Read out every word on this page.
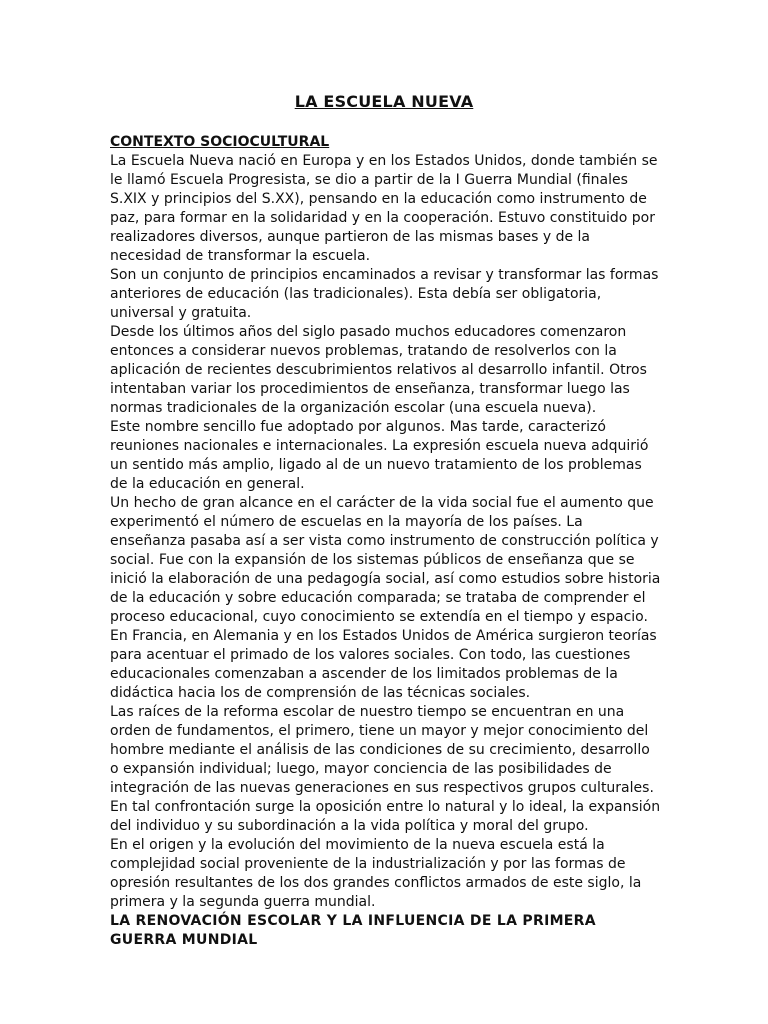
LA ESCUELA NUEVA

CONTEXTO SOCIOCULTURAL

La Escuela Nueva nació en Europa y en los Estados Unidos, donde también se le llamó Escuela Progresista, se dio a partir de la I Guerra Mundial (finales S.XIX y principios del S.XX), pensando en la educación como instrumento de paz, para formar en la solidaridad y en la cooperación. Estuvo constituido por realizadores diversos, aunque partieron de las mismas bases y de la necesidad de transformar la escuela.

Son un conjunto de principios encaminados a revisar y transformar las formas anteriores de educación (las tradicionales). Esta debía ser obligatoria, universal y gratuita.

Desde los últimos años del siglo pasado muchos educadores comenzaron entonces a considerar nuevos problemas, tratando de resolverlos con la aplicación de recientes descubrimientos relativos al desarrollo infantil. Otros intentaban variar los procedimientos de enseñanza, transformar luego las normas tradicionales de la organización escolar (una escuela nueva).

Este nombre sencillo fue adoptado por algunos. Mas tarde, caracterizó reuniones nacionales e internacionales. La expresión escuela nueva adquirió un sentido más amplio, ligado al de un nuevo tratamiento de los problemas de la educación en general.

Un hecho de gran alcance en el carácter de la vida social fue el aumento que experimentó el número de escuelas en la mayoría de los países. La enseñanza pasaba así a ser vista como instrumento de construcción política y social. Fue con la expansión de los sistemas públicos de enseñanza que se inició la elaboración de una pedagogía social, así como estudios sobre historia de la educación y sobre educación comparada; se trataba de comprender el proceso educacional, cuyo conocimiento se extendía en el tiempo y espacio. En Francia, en Alemania y en los Estados Unidos de América surgieron teorías para acentuar el primado de los valores sociales. Con todo, las cuestiones educacionales comenzaban a ascender de los limitados problemas de la didáctica hacia los de comprensión de las técnicas sociales.

Las raíces de la reforma escolar de nuestro tiempo se encuentran en una orden de fundamentos, el primero, tiene un mayor y mejor conocimiento del hombre mediante el análisis de las condiciones de su crecimiento, desarrollo o expansión individual; luego, mayor conciencia de las posibilidades de integración de las nuevas generaciones en sus respectivos grupos culturales. En tal confrontación surge la oposición entre lo natural y lo ideal, la expansión del individuo y su subordinación a la vida política y moral del grupo.

En el origen y la evolución del movimiento de la nueva escuela está la complejidad social proveniente de la industrialización y por las formas de opresión resultantes de los dos grandes conflictos armados de este siglo, la primera y la segunda guerra mundial.

LA RENOVACIÓN ESCOLAR Y LA INFLUENCIA DE LA PRIMERA GUERRA MUNDIAL
